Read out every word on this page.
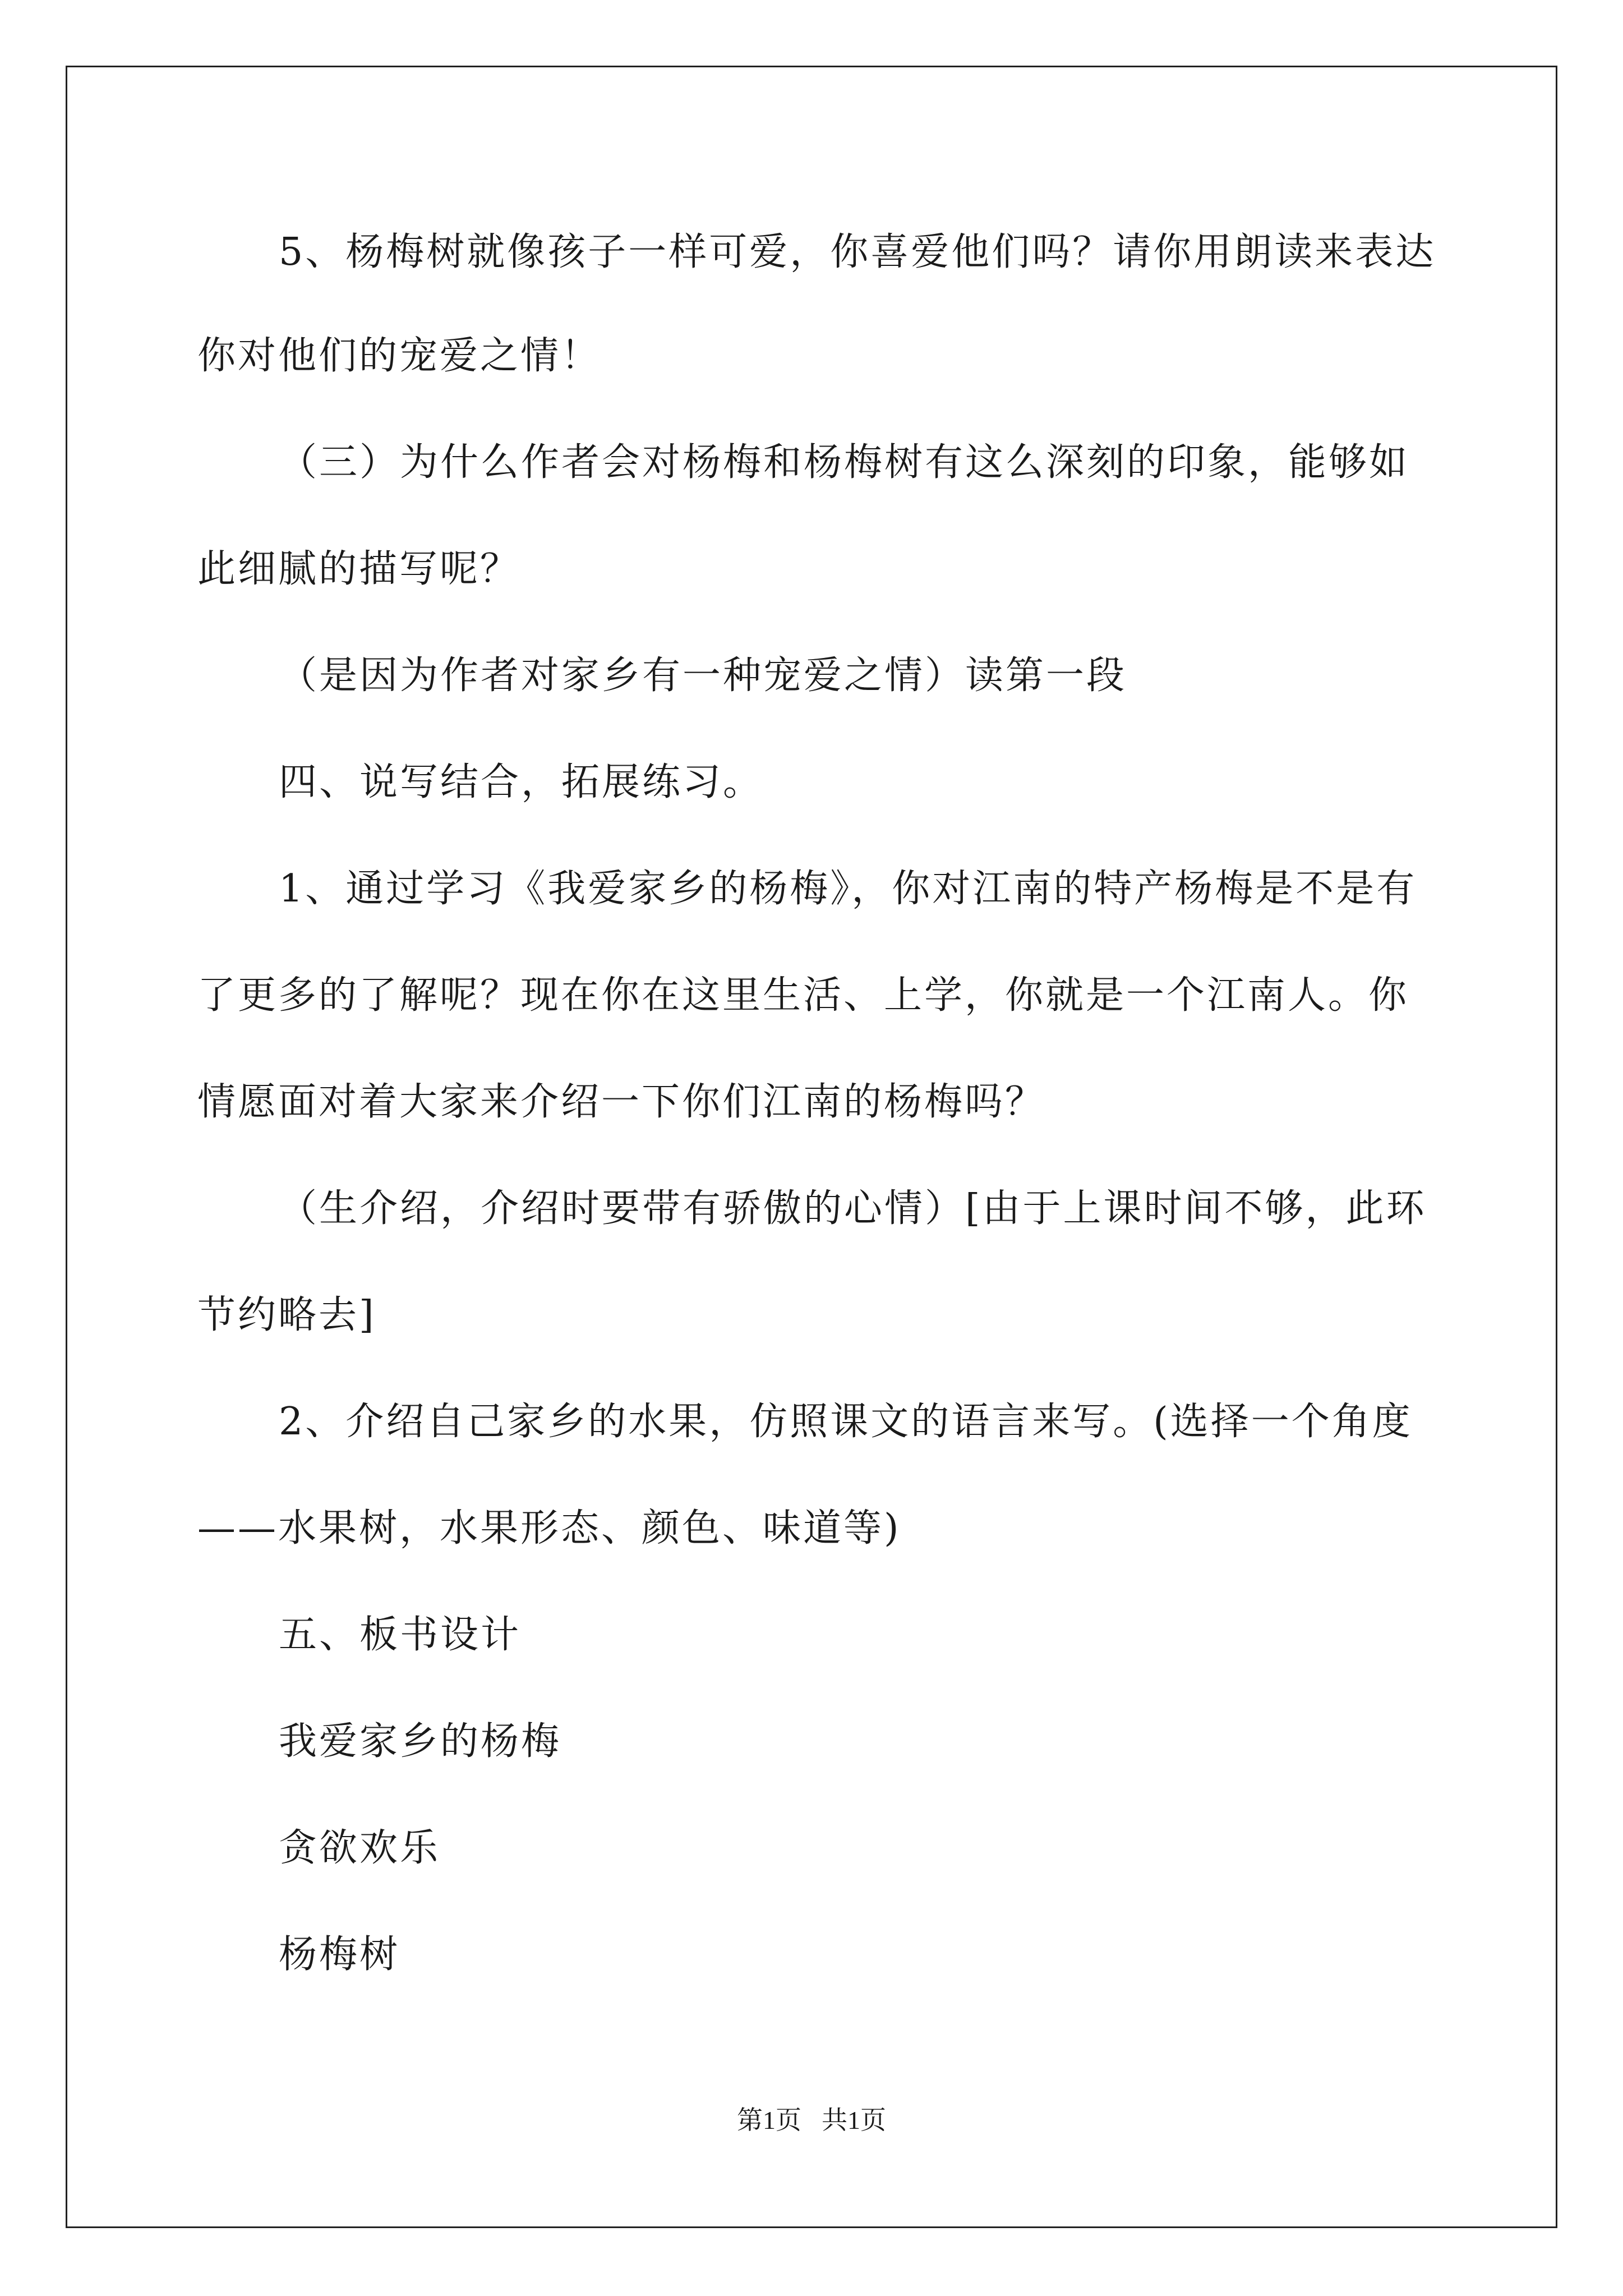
5、杨梅树就像孩子一样可爱，你喜爱他们吗？请你用朗读来表达
你对他们的宠爱之情！
（三）为什么作者会对杨梅和杨梅树有这么深刻的印象，能够如
此细腻的描写呢？
（是因为作者对家乡有一种宠爱之情）读第一段
四、说写结合，拓展练习。
1、通过学习《我爱家乡的杨梅》，你对江南的特产杨梅是不是有
了更多的了解呢？现在你在这里生活、上学，你就是一个江南人。你
情愿面对着大家来介绍一下你们江南的杨梅吗？
（生介绍，介绍时要带有骄傲的心情）[由于上课时间不够，此环
节约略去]
2、介绍自己家乡的水果，仿照课文的语言来写。(选择一个角度
——水果树，水果形态、颜色、味道等)
五、板书设计
我爱家乡的杨梅
贪欲欢乐
杨梅树
第1页 共1页
